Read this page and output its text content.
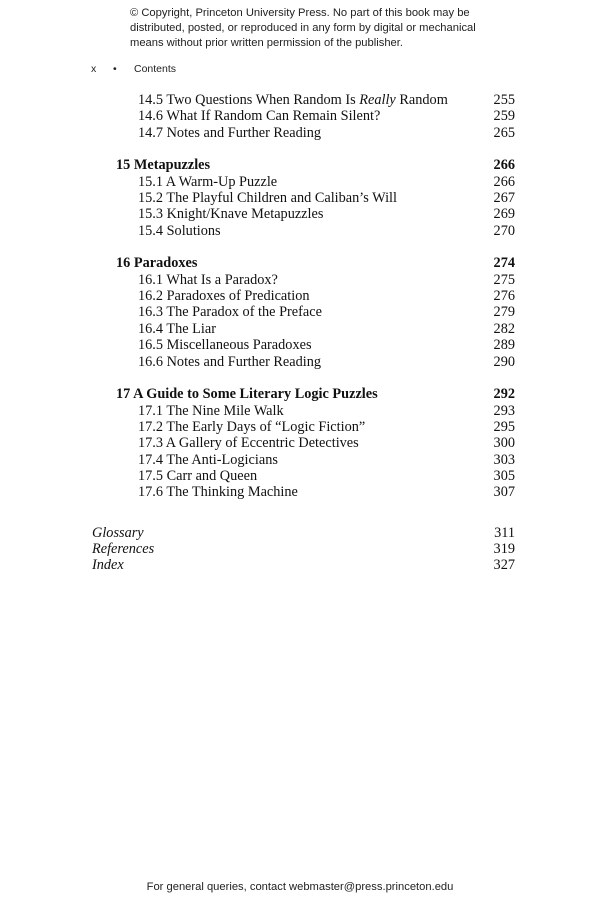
© Copyright, Princeton University Press. No part of this book may be distributed, posted, or reproduced in any form by digital or mechanical means without prior written permission of the publisher.
x • Contents
14.5 Two Questions When Random Is Really Random	255
14.6 What If Random Can Remain Silent?	259
14.7 Notes and Further Reading	265
15 Metapuzzles	266
15.1 A Warm-Up Puzzle	266
15.2 The Playful Children and Caliban’s Will	267
15.3 Knight/Knave Metapuzzles	269
15.4 Solutions	270
16 Paradoxes	274
16.1 What Is a Paradox?	275
16.2 Paradoxes of Predication	276
16.3 The Paradox of the Preface	279
16.4 The Liar	282
16.5 Miscellaneous Paradoxes	289
16.6 Notes and Further Reading	290
17 A Guide to Some Literary Logic Puzzles	292
17.1 The Nine Mile Walk	293
17.2 The Early Days of “Logic Fiction”	295
17.3 A Gallery of Eccentric Detectives	300
17.4 The Anti-Logicians	303
17.5 Carr and Queen	305
17.6 The Thinking Machine	307
Glossary	311
References	319
Index	327
For general queries, contact webmaster@press.princeton.edu
